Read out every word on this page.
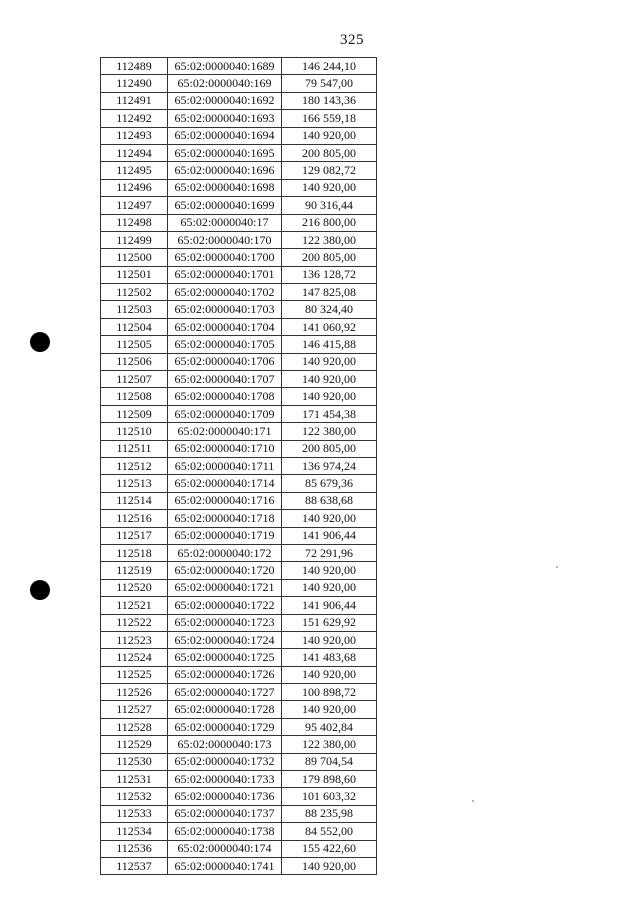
325
112489	65:02:0000040:1689	146 244,10
112490	65:02:0000040:169	79 547,00
112491	65:02:0000040:1692	180 143,36
112492	65:02:0000040:1693	166 559,18
112493	65:02:0000040:1694	140 920,00
112494	65:02:0000040:1695	200 805,00
112495	65:02:0000040:1696	129 082,72
112496	65:02:0000040:1698	140 920,00
112497	65:02:0000040:1699	90 316,44
112498	65:02:0000040:17	216 800,00
112499	65:02:0000040:170	122 380,00
112500	65:02:0000040:1700	200 805,00
112501	65:02:0000040:1701	136 128,72
112502	65:02:0000040:1702	147 825,08
112503	65:02:0000040:1703	80 324,40
112504	65:02:0000040:1704	141 060,92
112505	65:02:0000040:1705	146 415,88
112506	65:02:0000040:1706	140 920,00
112507	65:02:0000040:1707	140 920,00
112508	65:02:0000040:1708	140 920,00
112509	65:02:0000040:1709	171 454,38
112510	65:02:0000040:171	122 380,00
112511	65:02:0000040:1710	200 805,00
112512	65:02:0000040:1711	136 974,24
112513	65:02:0000040:1714	85 679,36
112514	65:02:0000040:1716	88 638,68
112516	65:02:0000040:1718	140 920,00
112517	65:02:0000040:1719	141 906,44
112518	65:02:0000040:172	72 291,96
112519	65:02:0000040:1720	140 920,00
112520	65:02:0000040:1721	140 920,00
112521	65:02:0000040:1722	141 906,44
112522	65:02:0000040:1723	151 629,92
112523	65:02:0000040:1724	140 920,00
112524	65:02:0000040:1725	141 483,68
112525	65:02:0000040:1726	140 920,00
112526	65:02:0000040:1727	100 898,72
112527	65:02:0000040:1728	140 920,00
112528	65:02:0000040:1729	95 402,84
112529	65:02:0000040:173	122 380,00
112530	65:02:0000040:1732	89 704,54
112531	65:02:0000040:1733	179 898,60
112532	65:02:0000040:1736	101 603,32
112533	65:02:0000040:1737	88 235,98
112534	65:02:0000040:1738	84 552,00
112536	65:02:0000040:174	155 422,60
112537	65:02:0000040:1741	140 920,00
